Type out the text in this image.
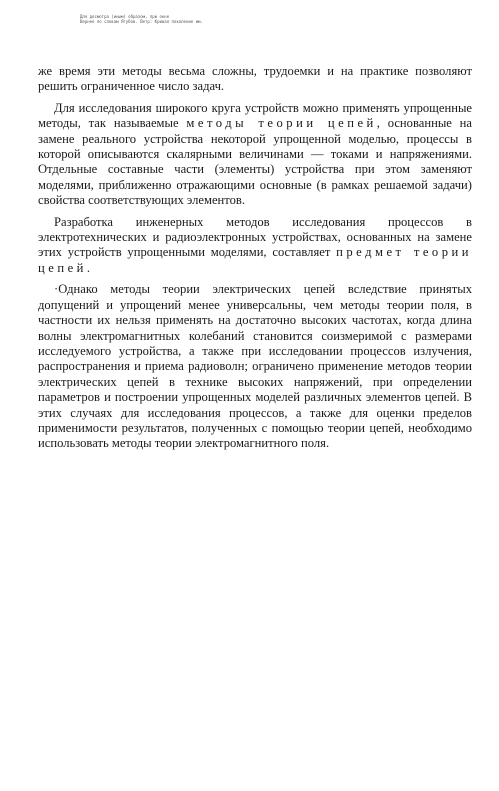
Для досмотра (иным) образом, при окне
Вернее по словам Ягубов. Ветр: Кривая поколение им.

же время эти методы весьма сложны, трудоемки и на практике позволяют решить ограниченное число задач.

Для исследования широкого круга устройств можно применять упрощенные методы, так называемые методы теории цепей, основанные на замене реального устройства некоторой упрощенной моделью, процессы в которой описываются скалярными величинами — токами и напряжениями. Отдельные составные части (элементы) устройства при этом заменяют моделями, приближенно отражающими основные (в рамках решаемой задачи) свойства соответствующих элементов.

Разработка инженерных методов исследования процессов в электротехнических и радиоэлектронных устройствах, основанных на замене этих устройств упрощенными моделями, составляет предмет теории цепей.

·Однако методы теории электрических цепей вследствие принятых допущений и упрощений менее универсальны, чем методы теории поля, в частности их нельзя применять на достаточно высоких частотах, когда длина волны электромагнитных колебаний становится соизмеримой с размерами исследуемого устройства, а также при исследовании процессов излучения, распространения и приема радиоволн; ограничено применение методов теории электрических цепей в технике высоких напряжений, при определении параметров и построении упрощенных моделей различных элементов цепей. В этих случаях для исследования процессов, а также для оценки пределов применимости результатов, полученных с помощью теории цепей, необходимо использовать методы теории электромагнитного поля.
